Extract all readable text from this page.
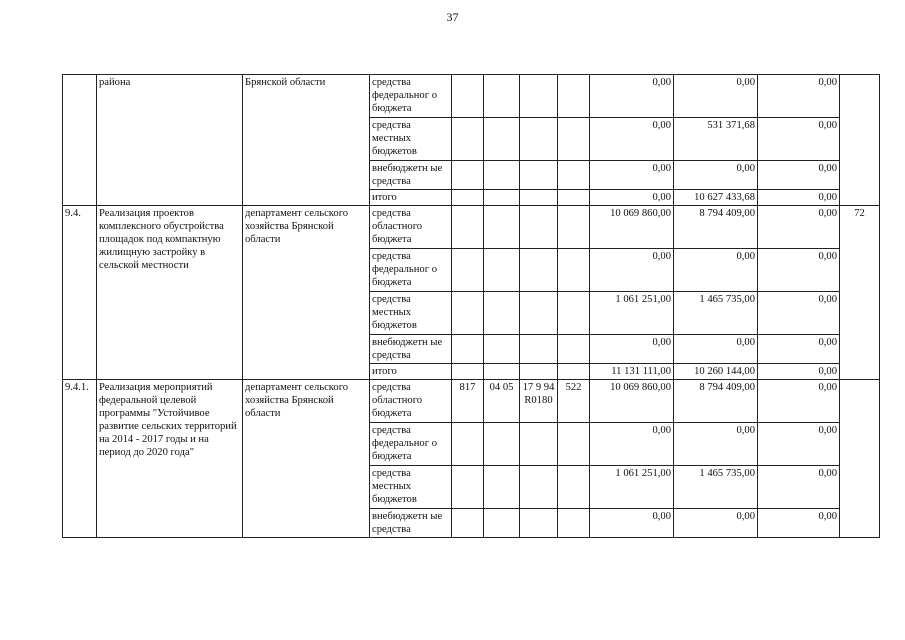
37
	района	Брянской области	средства федеральног о бюджета					0,00	0,00	0,00	
			средства местных бюджетов					0,00	531 371,68	0,00	
			внебюджетн ые средства					0,00	0,00	0,00	
			итого					0,00	10 627 433,68	0,00	
9.4.	Реализация проектов комплексного обустройства площадок под компактную жилищную застройку в сельской местности	департамент сельского хозяйства Брянской области	средства областного бюджета					10 069 860,00	8 794 409,00	0,00	72
			средства федеральног о бюджета					0,00	0,00	0,00	
			средства местных бюджетов					1 061 251,00	1 465 735,00	0,00	
			внебюджетн ые средства					0,00	0,00	0,00	
			итого					11 131 111,00	10 260 144,00	0,00	
9.4.1.	Реализация мероприятий федеральной целевой программы "Устойчивое развитие сельских территорий на 2014 - 2017 годы и на период до 2020 года"	департамент сельского хозяйства Брянской области	средства областного бюджета	817	04 05	17 9 94 R0180	522	10 069 860,00	8 794 409,00	0,00	
			средства федеральног о бюджета					0,00	0,00	0,00	
			средства местных бюджетов					1 061 251,00	1 465 735,00	0,00	
			внебюджетн ые средства					0,00	0,00	0,00	
